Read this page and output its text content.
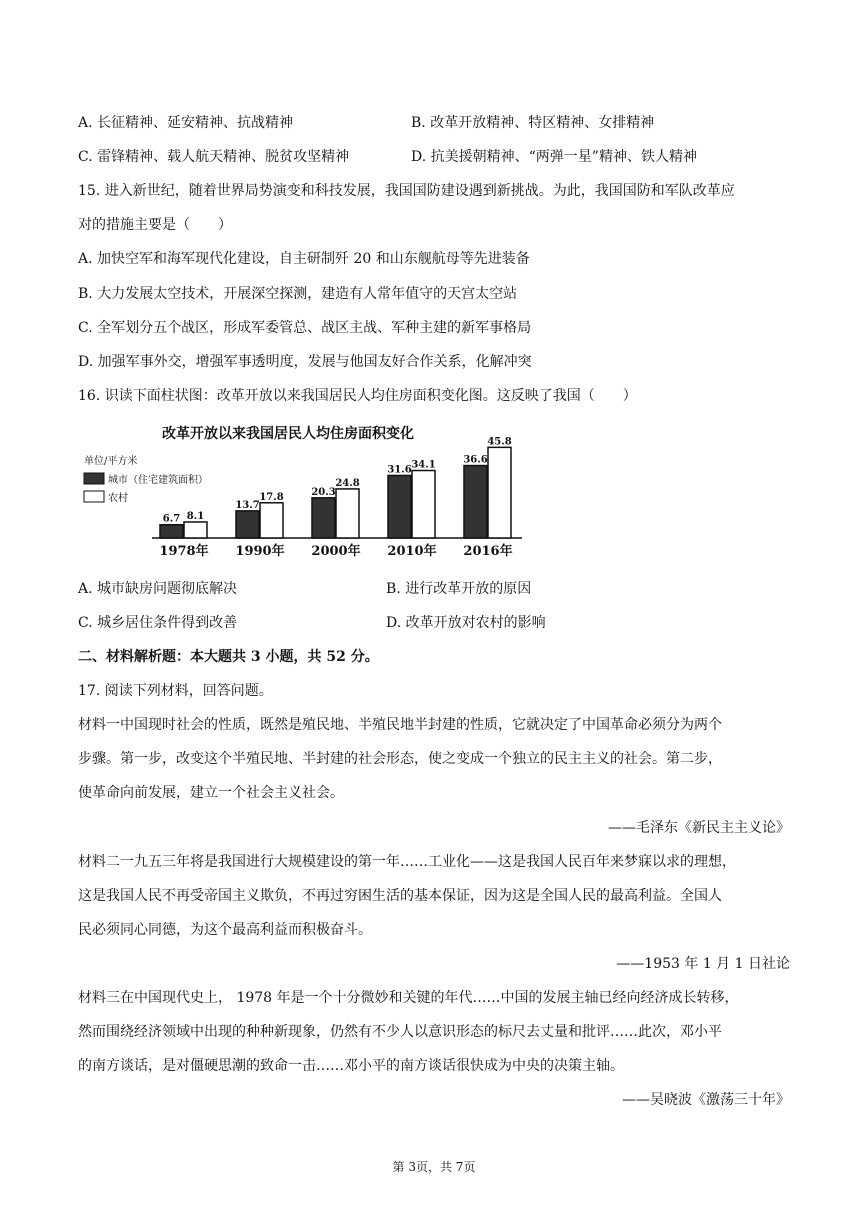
A. 长征精神、延安精神、抗战精神	B. 改革开放精神、特区精神、女排精神
C. 雷锋精神、载人航天精神、脱贫攻坚精神	D. 抗美援朝精神、“两弹一星”精神、铁人精神
15. 进入新世纪，随着世界局势演变和科技发展，我国国防建设遇到新挑战。为此，我国国防和军队改革应
对的措施主要是（　　）
A. 加快空军和海军现代化建设，自主研制歼 20 和山东舰航母等先进装备
B. 大力发展太空技术，开展深空探测，建造有人常年值守的天宫太空站
C. 全军划分五个战区，形成军委管总、战区主战、军种主建的新军事格局
D. 加强军事外交，增强军事透明度，发展与他国友好合作关系，化解冲突
16. 识读下面柱状图：改革开放以来我国居民人均住房面积变化图。这反映了我国（　　）
改革开放以来我国居民人均住房面积变化
单位/平方米
城市（住宅建筑面积）
农村
6.7 8.1
1978年
13.7
17.8
1990年
20.3
24.8
2000年
31.6 34.1
2010年
36.6
45.8
2016年
A. 城市缺房问题彻底解决	B. 进行改革开放的原因
C. 城乡居住条件得到改善	D. 改革开放对农村的影响
二、材料解析题：本大题共 3 小题，共 52 分。
17. 阅读下列材料，回答问题。
材料一中国现时社会的性质，既然是殖民地、半殖民地半封建的性质，它就决定了中国革命必须分为两个
步骤。第一步，改变这个半殖民地、半封建的社会形态，使之变成一个独立的民主主义的社会。第二步，
使革命向前发展，建立一个社会主义社会。
——毛泽东《新民主主义论》
材料二一九五三年将是我国进行大规模建设的第一年……工业化——这是我国人民百年来梦寐以求的理想，
这是我国人民不再受帝国主义欺负，不再过穷困生活的基本保证，因为这是全国人民的最高利益。全国人
民必须同心同德，为这个最高利益而积极奋斗。
——1953 年 1 月 1 日社论
材料三在中国现代史上， 1978 年是一个十分微妙和关键的年代……中国的发展主轴已经向经济成长转移，
然而围绕经济领域中出现的种种新现象，仍然有不少人以意识形态的标尺去丈量和批评……此次，邓小平
的南方谈话，是对僵硬思潮的致命一击……邓小平的南方谈话很快成为中央的决策主轴。
——吴晓波《激荡三十年》
第 3页，共 7页
